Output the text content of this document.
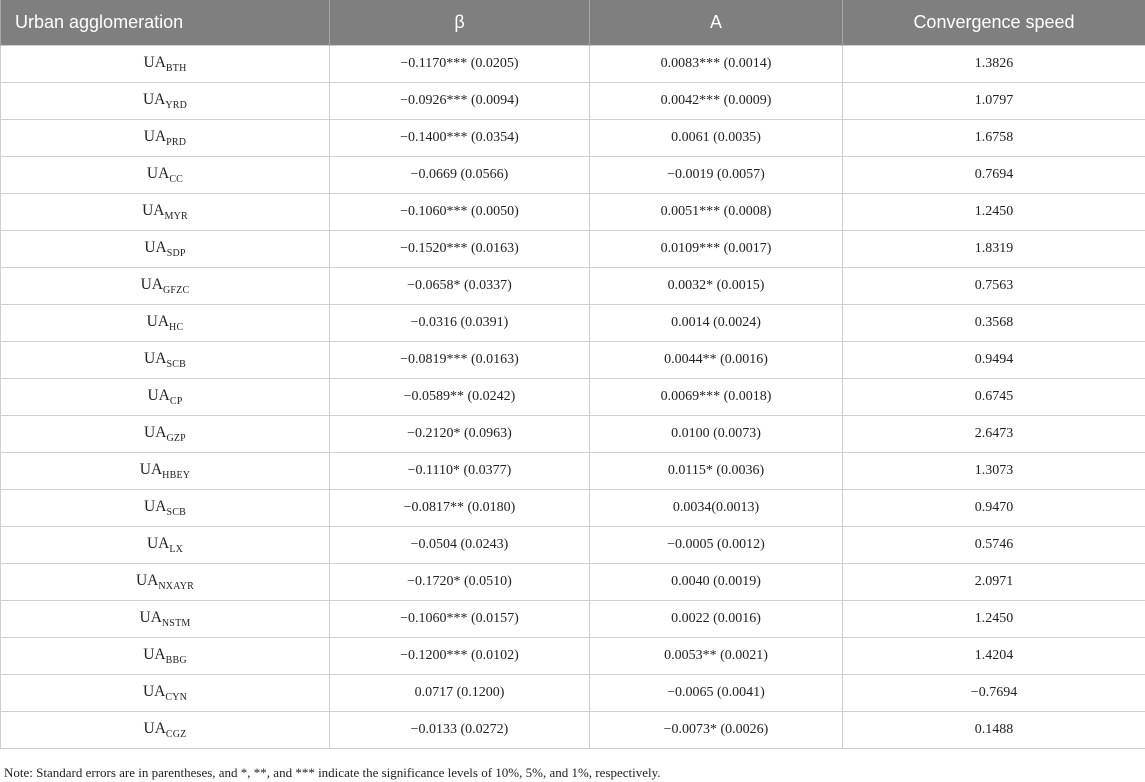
Urban agglomeration	β	A	Convergence speed
$UA_{BTH}$	−0.1170*** (0.0205)	0.0083*** (0.0014)	1.3826
$UA_{YRD}$	−0.0926*** (0.0094)	0.0042*** (0.0009)	1.0797
$UA_{PRD}$	−0.1400*** (0.0354)	0.0061 (0.0035)	1.6758
$UA_{CC}$	−0.0669 (0.0566)	−0.0019 (0.0057)	0.7694
$UA_{MYR}$	−0.1060*** (0.0050)	0.0051*** (0.0008)	1.2450
$UA_{SDP}$	−0.1520*** (0.0163)	0.0109*** (0.0017)	1.8319
$UA_{GFZC}$	−0.0658* (0.0337)	0.0032* (0.0015)	0.7563
$UA_{HC}$	−0.0316 (0.0391)	0.0014 (0.0024)	0.3568
$UA_{SCB}$	−0.0819*** (0.0163)	0.0044** (0.0016)	0.9494
$UA_{CP}$	−0.0589** (0.0242)	0.0069*** (0.0018)	0.6745
$UA_{GZP}$	−0.2120* (0.0963)	0.0100 (0.0073)	2.6473
$UA_{HBEY}$	−0.1110* (0.0377)	0.0115* (0.0036)	1.3073
$UA_{SCB}$	−0.0817** (0.0180)	0.0034(0.0013)	0.9470
$UA_{LX}$	−0.0504 (0.0243)	−0.0005 (0.0012)	0.5746
$UA_{NXAYR}$	−0.1720* (0.0510)	0.0040 (0.0019)	2.0971
$UA_{NSTM}$	−0.1060*** (0.0157)	0.0022 (0.0016)	1.2450
$UA_{BBG}$	−0.1200*** (0.0102)	0.0053** (0.0021)	1.4204
$UA_{CYN}$	0.0717 (0.1200)	−0.0065 (0.0041)	−0.7694
$UA_{CGZ}$	−0.0133 (0.0272)	−0.0073* (0.0026)	0.1488
Note: Standard errors are in parentheses, and *, **, and *** indicate the significance levels of 10%, 5%, and 1%, respectively.
